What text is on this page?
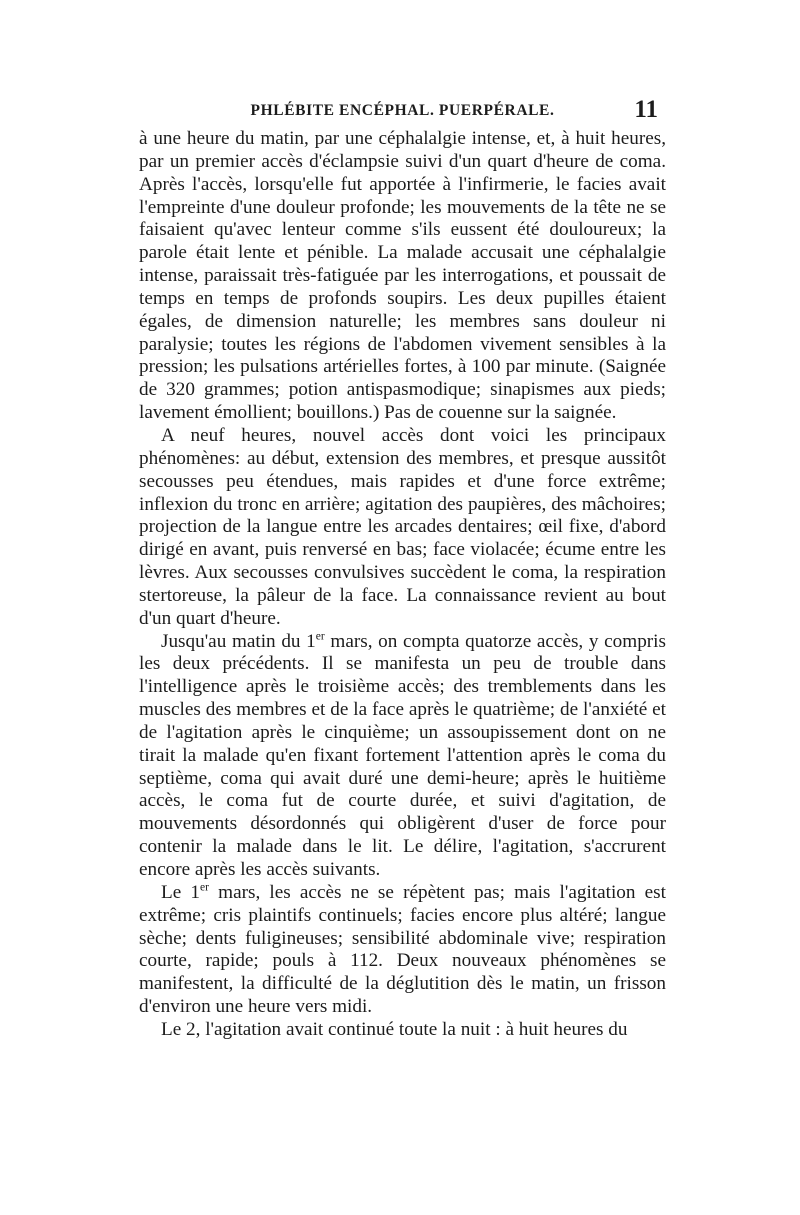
PHLÉBITE ENCÉPHAL. PUERPÉRALE.	11

à une heure du matin, par une céphalalgie intense, et, à huit heures, par un premier accès d'éclampsie suivi d'un quart d'heure de coma. Après l'accès, lorsqu'elle fut apportée à l'infirmerie, le facies avait l'empreinte d'une douleur profonde; les mouvements de la tête ne se faisaient qu'avec lenteur comme s'ils eussent été douloureux; la parole était lente et pénible. La malade accusait une céphalalgie intense, paraissait très-fatiguée par les interrogations, et poussait de temps en temps de profonds soupirs. Les deux pupilles étaient égales, de dimension naturelle; les membres sans douleur ni paralysie; toutes les régions de l'abdomen vivement sensibles à la pression; les pulsations artérielles fortes, à 100 par minute. (Saignée de 320 grammes; potion antispasmodique; sinapismes aux pieds; lavement émollient; bouillons.) Pas de couenne sur la saignée.

A neuf heures, nouvel accès dont voici les principaux phénomènes: au début, extension des membres, et presque aussitôt secousses peu étendues, mais rapides et d'une force extrême; inflexion du tronc en arrière; agitation des paupières, des mâchoires; projection de la langue entre les arcades dentaires; œil fixe, d'abord dirigé en avant, puis renversé en bas; face violacée; écume entre les lèvres. Aux secousses convulsives succèdent le coma, la respiration stertoreuse, la pâleur de la face. La connaissance revient au bout d'un quart d'heure.

Jusqu'au matin du 1er mars, on compta quatorze accès, y compris les deux précédents. Il se manifesta un peu de trouble dans l'intelligence après le troisième accès; des tremblements dans les muscles des membres et de la face après le quatrième; de l'anxiété et de l'agitation après le cinquième; un assoupissement dont on ne tirait la malade qu'en fixant fortement l'attention après le coma du septième, coma qui avait duré une demi-heure; après le huitième accès, le coma fut de courte durée, et suivi d'agitation, de mouvements désordonnés qui obligèrent d'user de force pour contenir la malade dans le lit. Le délire, l'agitation, s'accrurent encore après les accès suivants.

Le 1er mars, les accès ne se répètent pas; mais l'agitation est extrême; cris plaintifs continuels; facies encore plus altéré; langue sèche; dents fuligineuses; sensibilité abdominale vive; respiration courte, rapide; pouls à 112. Deux nouveaux phénomènes se manifestent, la difficulté de la déglutition dès le matin, un frisson d'environ une heure vers midi.

Le 2, l'agitation avait continué toute la nuit : à huit heures du
